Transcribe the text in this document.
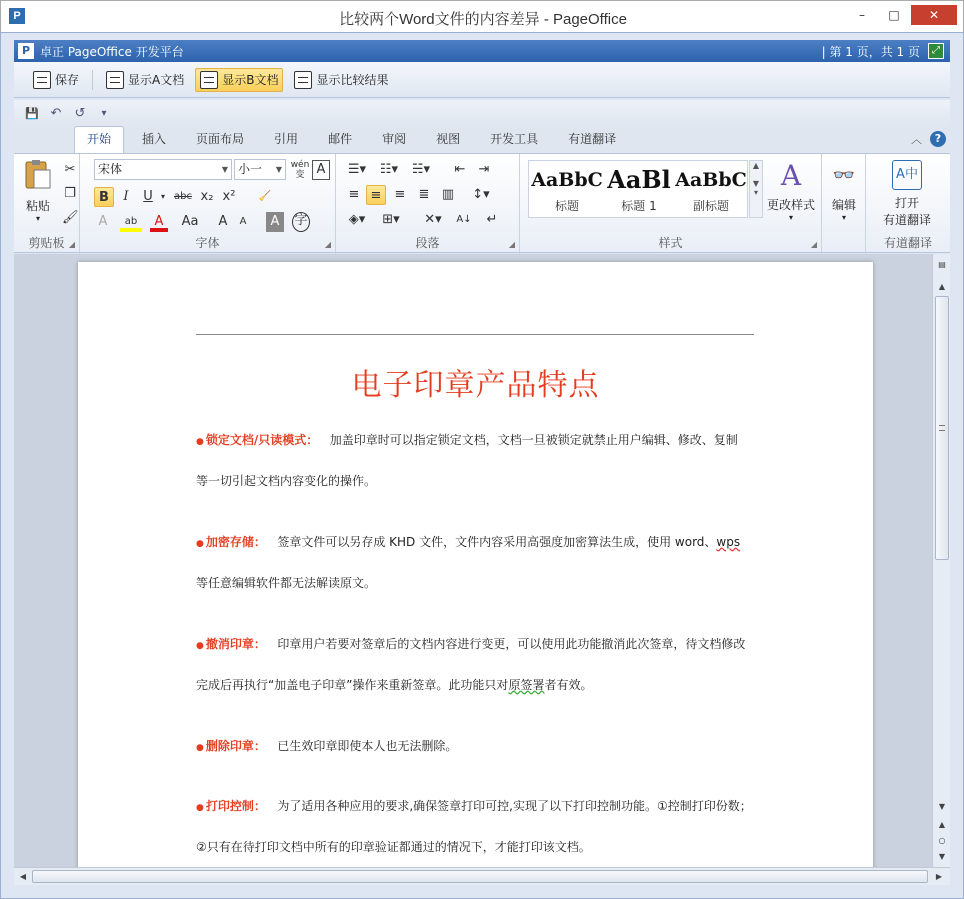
P	比较两个Word文件的内容差异 - PageOffice	–	□	✕
P 卓正 PageOffice 开发平台	| 第 1 页，共 1 页	⤢
保存	显示A文档	显示B文档	显示比较结果
💾 ↶ ↺	▾
开始	插入	页面布局	引用	邮件	审阅	视图	开发工具	有道翻译	︿	?
粘贴
▾
✂
❐
🖌
剪贴板 ◢
宋体	▼ 小一 ▼ wén
变 A
B	I	U	▾ abc x₂ x² 🧹
A	ab	A	Aa	A	A	A	字
字体	◢
☰▾	☷▾	☵▾	⇤	⇥
≡ ≡	≡	≣ ▥	↕▾
◈▾	⊞▾	✕▾	A↓	↵
段落	◢
AaBbC
标题
AaBl
标题 1
AaBbC
副标题
▲

▼
▾
A
更改样式
▾
样式	◢
👓
编辑
▾
A中
打开
有道翻译
有道翻译
电子印章产品特点
● 锁定文档/只读模式： 加盖印章时可以指定锁定文档，文档一旦被锁定就禁止用户编辑、修改、复制
等一切引起文档内容变化的操作。
● 加密存储： 签章文件可以另存成 KHD 文件，文件内容采用高强度加密算法生成，使用 word、wps
等任意编辑软件都无法解读原文。
● 撤消印章： 印章用户若要对签章后的文档内容进行变更，可以使用此功能撤消此次签章，待文档修改
完成后再执行“加盖电子印章”操作来重新签章。此功能只对原签署者有效。
● 删除印章： 已生效印章即使本人也无法删除。
● 打印控制： 为了适用各种应用的要求,确保签章打印可控,实现了以下打印控制功能。①控制打印份数；
②只有在待打印文档中所有的印章验证都通过的情况下，才能打印该文档。
▤
▲
▼
▲
○
▼
◀	▶
